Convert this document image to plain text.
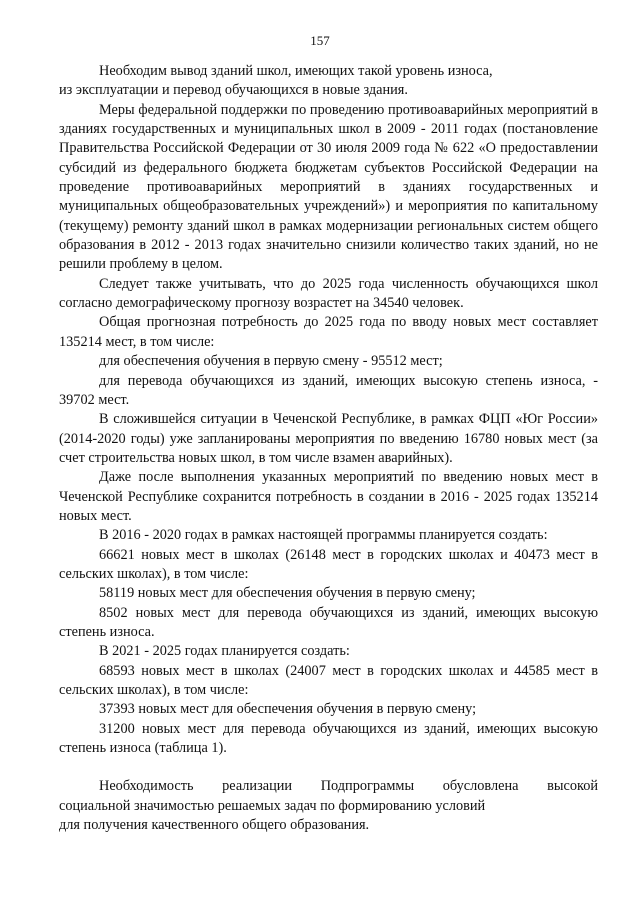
157

Необходим вывод зданий школ, имеющих такой уровень износа,
из эксплуатации и перевод обучающихся в новые здания.

Меры федеральной поддержки по проведению противоаварийных мероприятий в зданиях государственных и муниципальных школ в 2009 - 2011 годах (постановление Правительства Российской Федерации от 30 июля 2009 года № 622 «О предоставлении субсидий из федерального бюджета бюджетам субъектов Российской Федерации на проведение противоаварийных мероприятий в зданиях государственных и муниципальных общеобразовательных учреждений») и мероприятия по капитальному (текущему) ремонту зданий школ в рамках модернизации региональных систем общего образования в 2012 - 2013 годах значительно снизили количество таких зданий, но не решили проблему в целом.

Следует также учитывать, что до 2025 года численность обучающихся школ согласно демографическому прогнозу возрастет на 34540 человек.

Общая прогнозная потребность до 2025 года по вводу новых мест составляет 135214 мест, в том числе:

для обеспечения обучения в первую смену - 95512 мест;

для перевода обучающихся из зданий, имеющих высокую степень износа, - 39702 мест.

В сложившейся ситуации в Чеченской Республике, в рамках ФЦП «Юг России» (2014-2020 годы) уже запланированы мероприятия по введению 16780 новых мест (за счет строительства новых школ, в том числе взамен аварийных).

Даже после выполнения указанных мероприятий по введению новых мест в Чеченской Республике сохранится потребность в создании в 2016 - 2025 годах 135214 новых мест.

В 2016 - 2020 годах в рамках настоящей программы планируется создать:

66621 новых мест в школах (26148 мест в городских школах и 40473 мест в сельских школах), в том числе:

58119 новых мест для обеспечения обучения в первую смену;

8502 новых мест для перевода обучающихся из зданий, имеющих высокую степень износа.

В 2021 - 2025 годах планируется создать:

68593 новых мест в школах (24007 мест в городских школах и 44585 мест в сельских школах), в том числе:

37393 новых мест для обеспечения обучения в первую смену;

31200 новых мест для перевода обучающихся из зданий, имеющих высокую степень износа (таблица 1).

Необходимость реализации Подпрограммы обусловлена высокой
социальной значимостью решаемых задач по формированию условий
для получения качественного общего образования.
